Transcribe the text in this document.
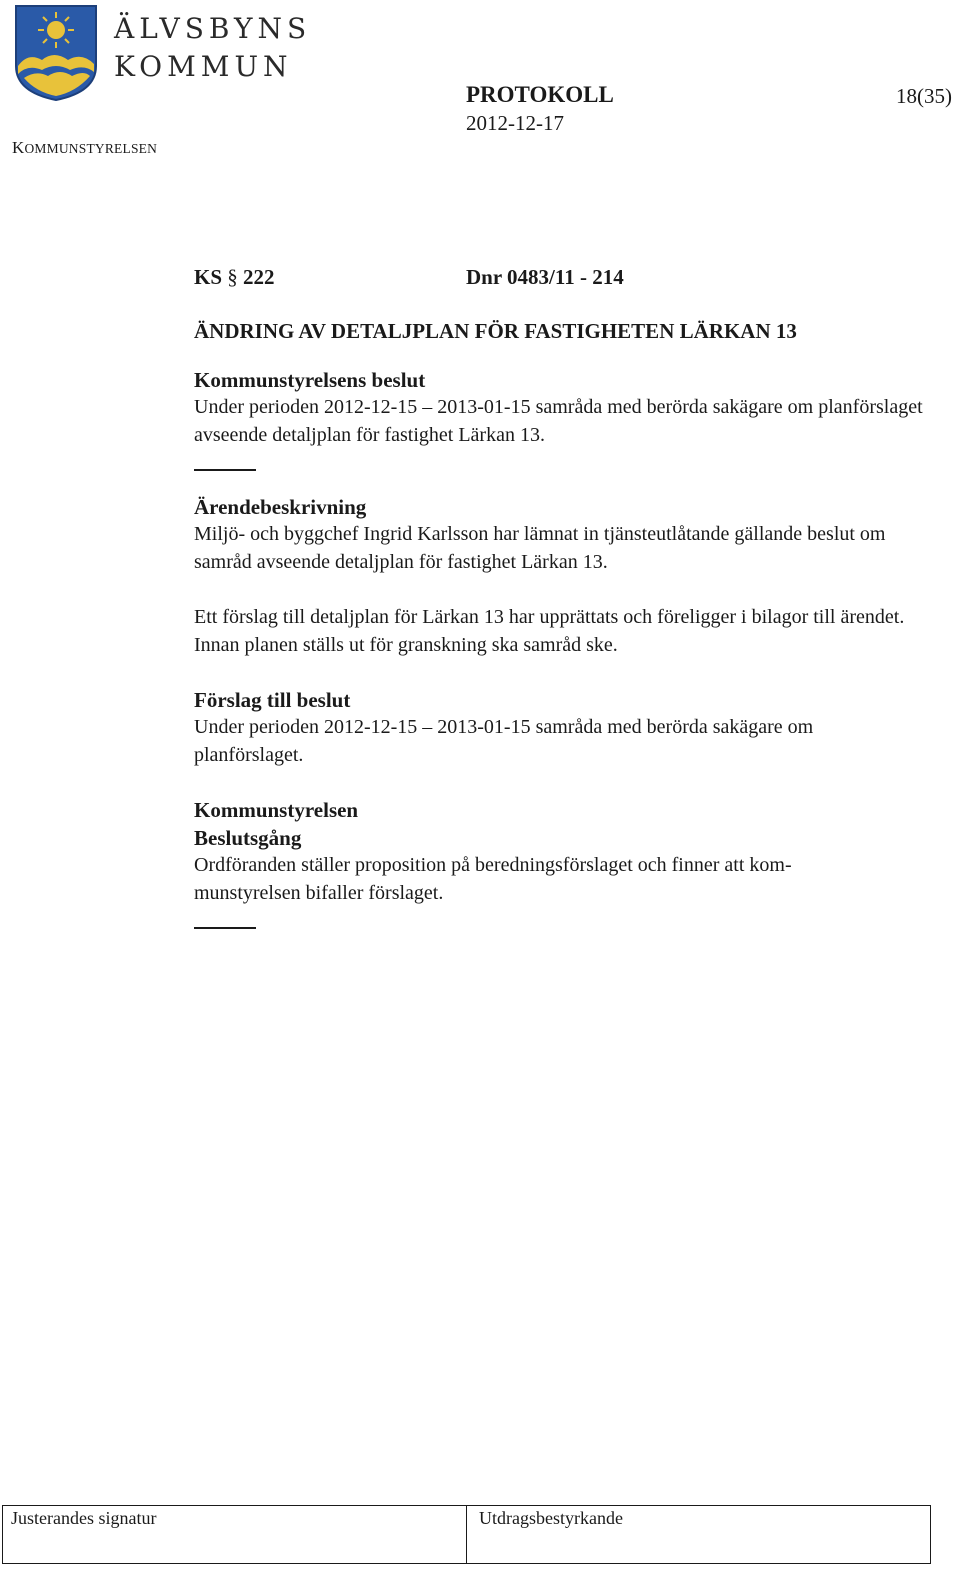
ÄLVSBYNS
KOMMUN
KOMMUNSTYRELSEN
PROTOKOLL
2012-12-17
18(35)
KS § 222	Dnr 0483/11 - 214
ÄNDRING AV DETALJPLAN FÖR FASTIGHETEN LÄRKAN 13
Kommunstyrelsens beslut

Under perioden 2012-12-15 – 2013-01-15 samråda med berörda sakägare om planförslaget avseende detaljplan för fastighet Lärkan 13.

Ärendebeskrivning

Miljö- och byggchef Ingrid Karlsson har lämnat in tjänsteutlåtande gällande beslut om samråd avseende detaljplan för fastighet Lärkan 13.

Ett förslag till detaljplan för Lärkan 13 har upprättats och föreligger i bilagor till ärendet. Innan planen ställs ut för granskning ska samråd ske.

Förslag till beslut

Under perioden 2012-12-15 – 2013-01-15 samråda med berörda sakägare om planförslaget.

Kommunstyrelsen
Beslutsgång
Ordföranden ställer proposition på beredningsförslaget och finner att kom-
munstyrelsen bifaller förslaget.
Justerandes signatur	Utdragsbestyrkande
